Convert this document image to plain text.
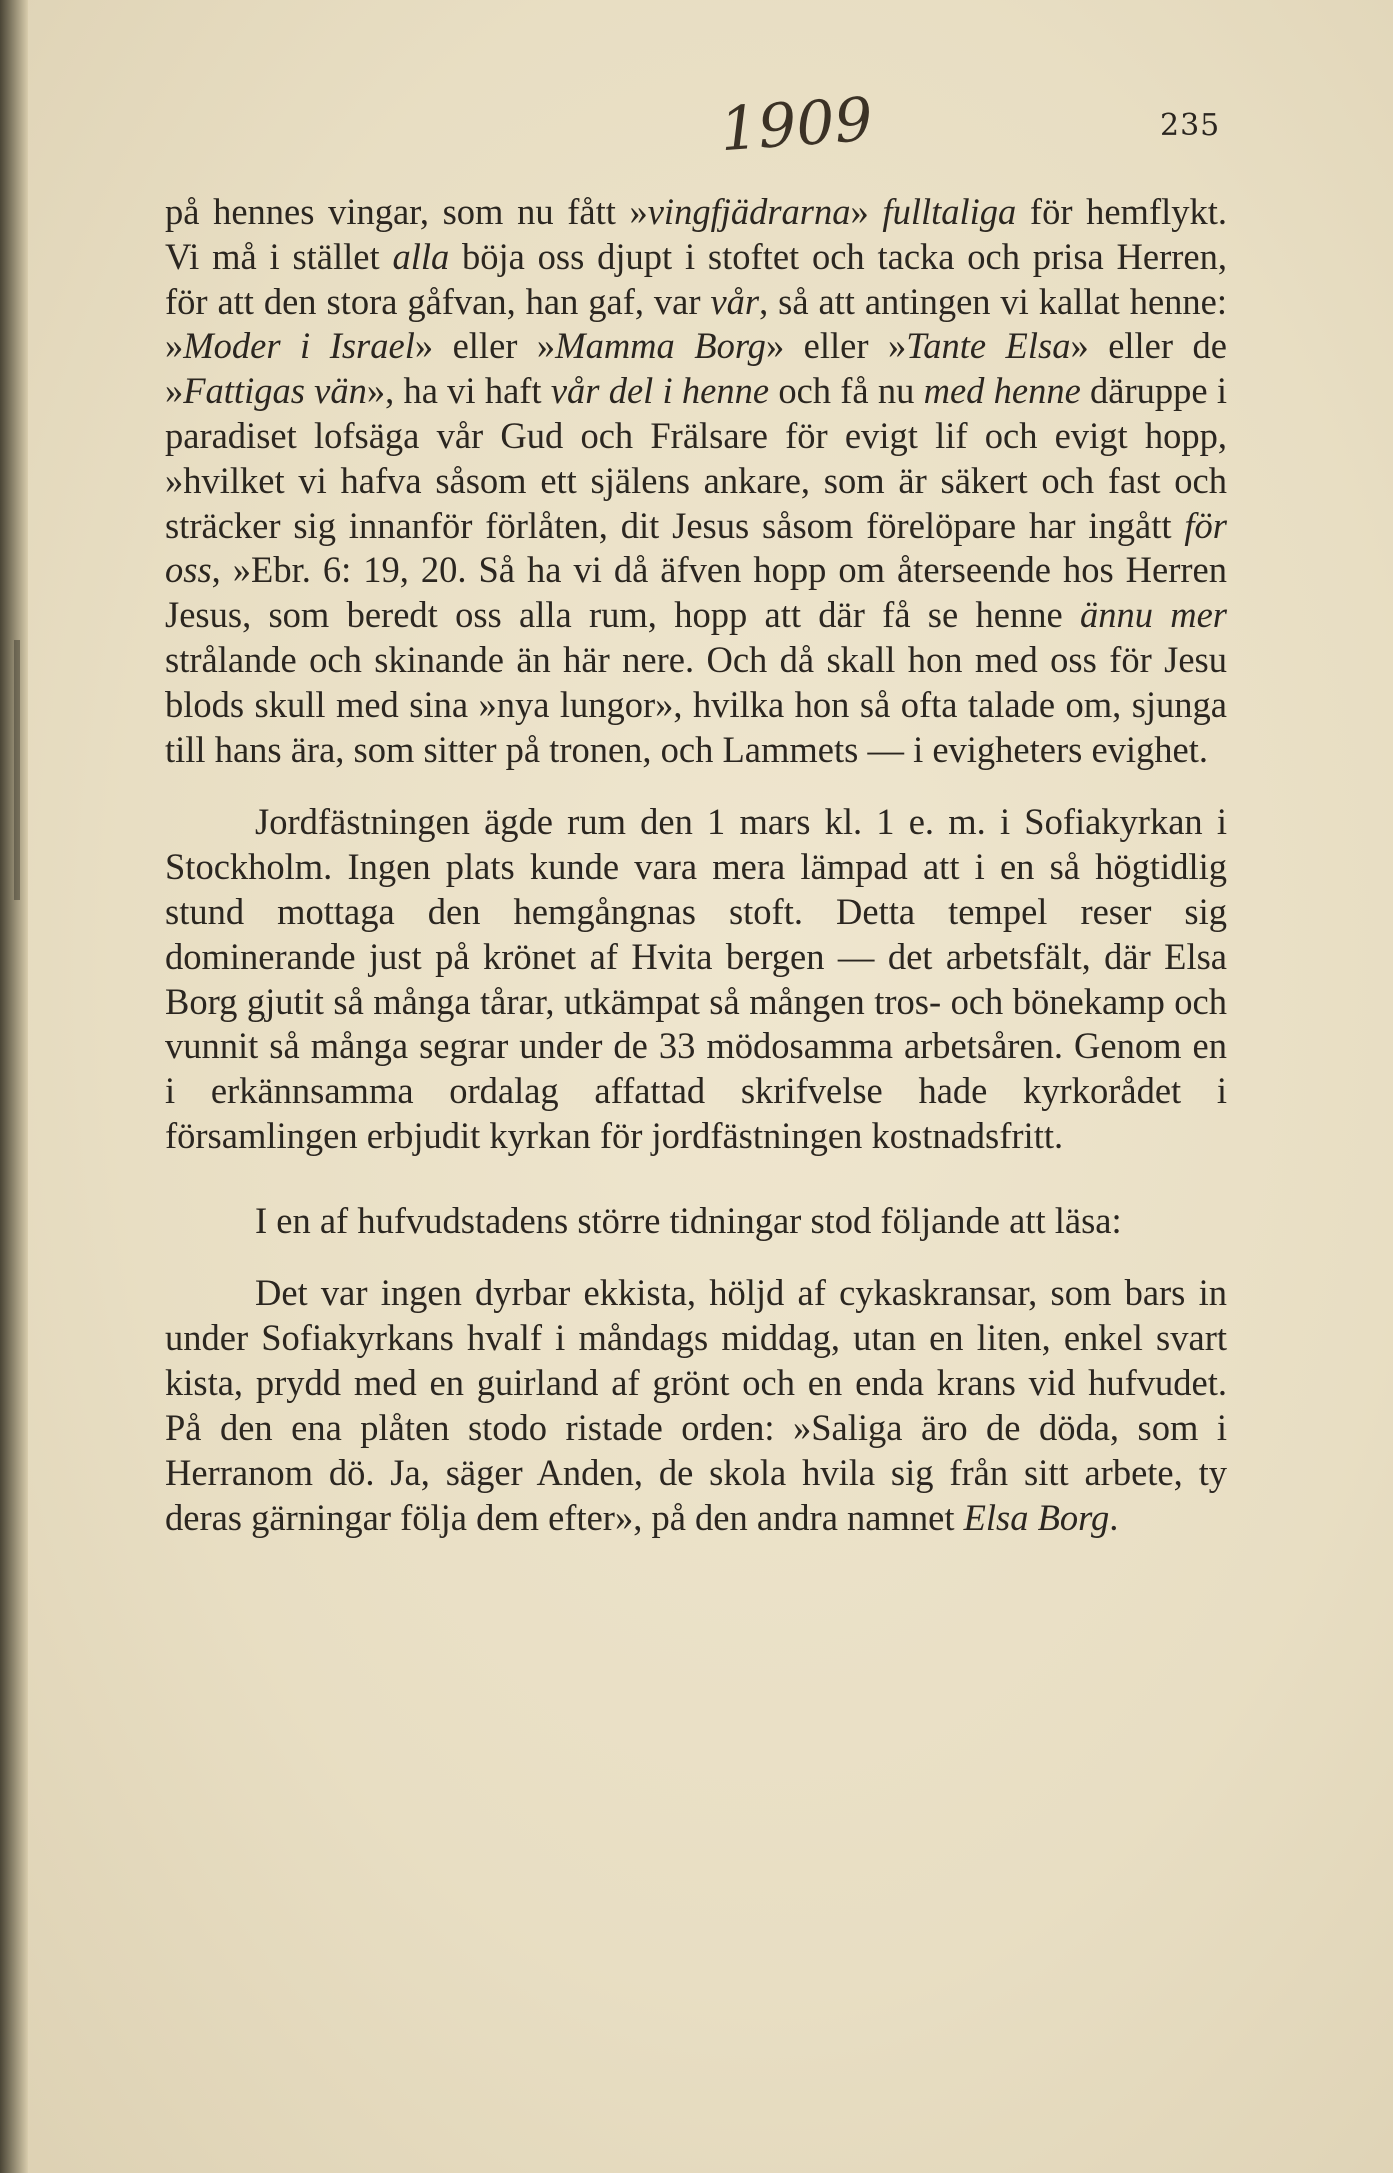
1909	235

på hennes vingar, som nu fått »vingfjädrarna» fulltaliga för hemflykt. Vi må i stället alla böja oss djupt i stoftet och tacka och prisa Herren, för att den stora gåfvan, han gaf, var vår, så att antingen vi kallat henne: »Moder i Israel» eller »Mamma Borg» eller »Tante Elsa» eller de »Fattigas vän», ha vi haft vår del i henne och få nu med henne däruppe i paradiset lofsäga vår Gud och Frälsare för evigt lif och evigt hopp, »hvilket vi hafva såsom ett själens ankare, som är säkert och fast och sträcker sig innanför förlåten, dit Jesus såsom förelöpare har ingått för oss, »Ebr. 6: 19, 20. Så ha vi då äfven hopp om återseende hos Herren Jesus, som beredt oss alla rum, hopp att där få se henne ännu mer strålande och skinande än här nere. Och då skall hon med oss för Jesu blods skull med sina »nya lungor», hvilka hon så ofta talade om, sjunga till hans ära, som sitter på tronen, och Lammets — i evigheters evighet.

Jordfästningen ägde rum den 1 mars kl. 1 e. m. i Sofiakyrkan i Stockholm. Ingen plats kunde vara mera lämpad att i en så högtidlig stund mottaga den hemgångnas stoft. Detta tempel reser sig dominerande just på krönet af Hvita bergen — det arbetsfält, där Elsa Borg gjutit så många tårar, utkämpat så mången tros- och bönekamp och vunnit så många segrar under de 33 mödosamma arbetsåren. Genom en i erkännsamma ordalag affattad skrifvelse hade kyrkorådet i församlingen erbjudit kyrkan för jordfästningen kostnadsfritt.

I en af hufvudstadens större tidningar stod följande att läsa:

Det var ingen dyrbar ekkista, höljd af cykaskransar, som bars in under Sofiakyrkans hvalf i måndags middag, utan en liten, enkel svart kista, prydd med en guirland af grönt och en enda krans vid hufvudet. På den ena plåten stodo ristade orden: »Saliga äro de döda, som i Herranom dö. Ja, säger Anden, de skola hvila sig från sitt arbete, ty deras gärningar följa dem efter», på den andra namnet Elsa Borg.
